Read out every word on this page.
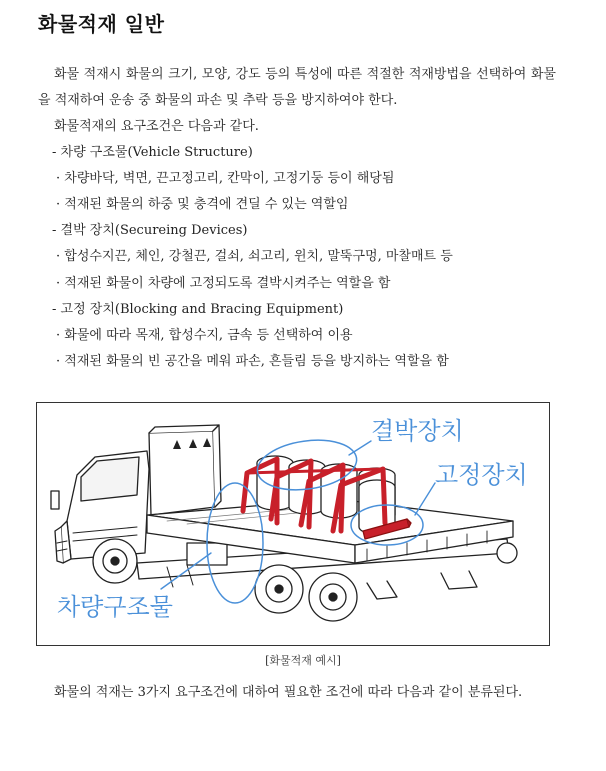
화물적재 일반

화물 적재시 화물의 크기, 모양, 강도 등의 특성에 따른 적절한 적재방법을 선택하여 화물을 적재하여 운송 중 화물의 파손 및 추락 등을 방지하여야 한다.

화물적재의 요구조건은 다음과 같다.
- 차량 구조물(Vehicle Structure)
· 차량바닥, 벽면, 끈고정고리, 칸막이, 고정기둥 등이 해당됨
· 적재된 화물의 하중 및 충격에 견딜 수 있는 역할임
- 결박 장치(Secureing Devices)
· 합성수지끈, 체인, 강철끈, 걸쇠, 쇠고리, 윈치, 말뚝구멍, 마찰매트 등
· 적재된 화물이 차량에 고정되도록 결박시켜주는 역할을 함
- 고정 장치(Blocking and Bracing Equipment)
· 화물에 따라 목재, 합성수지, 금속 등 선택하여 이용
· 적재된 화물의 빈 공간을 메워 파손, 흔들림 등을 방지하는 역할을 함
결박장치
고정장치
차량구조물
[화물적재 예시]

화물의 적재는 3가지 요구조건에 대하여 필요한 조건에 따라 다음과 같이 분류된다.
